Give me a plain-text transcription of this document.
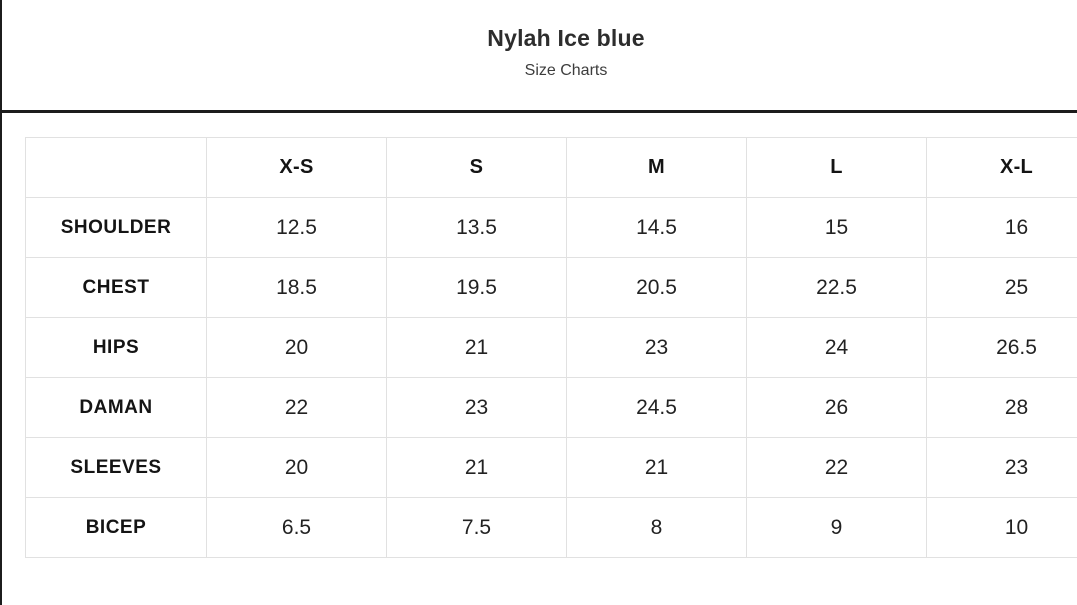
Nylah Ice blue
Size Charts
	X-S	S	M	L	X-L
SHOULDER	12.5	13.5	14.5	15	16
CHEST	18.5	19.5	20.5	22.5	25
HIPS	20	21	23	24	26.5
DAMAN	22	23	24.5	26	28
SLEEVES	20	21	21	22	23
BICEP	6.5	7.5	8	9	10
